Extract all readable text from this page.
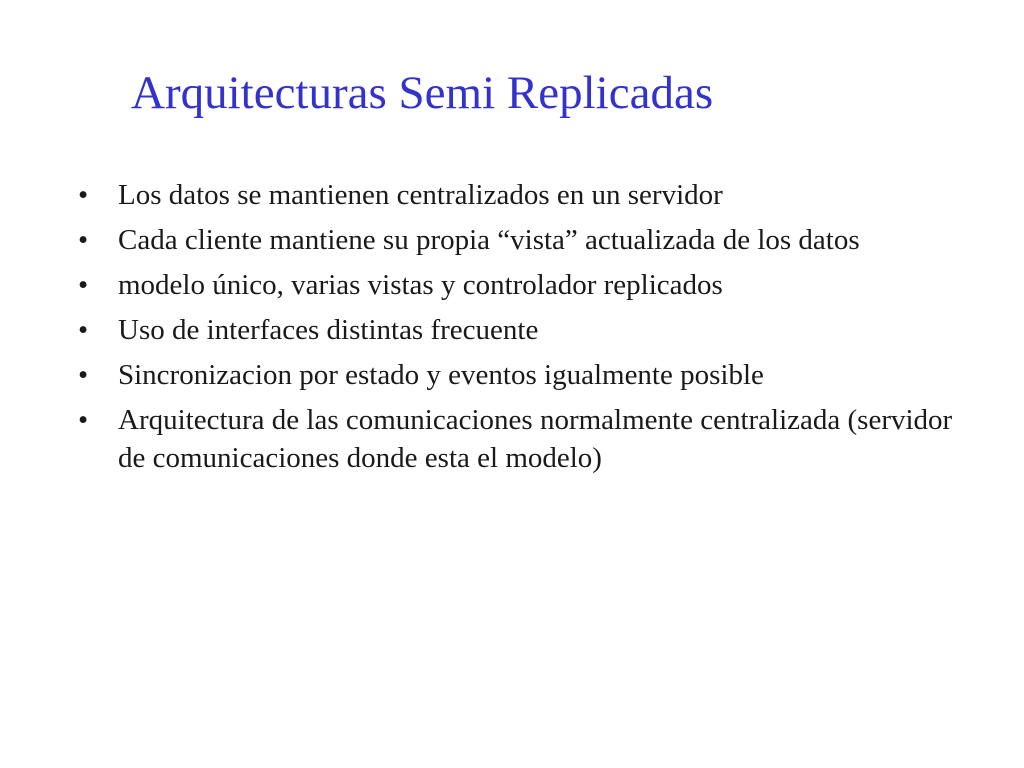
Arquitecturas Semi Replicadas
• Los datos se mantienen centralizados en un servidor
• Cada cliente mantiene su propia “vista” actualizada de los datos
• modelo único, varias vistas y controlador replicados
• Uso de interfaces distintas frecuente
• Sincronizacion por estado y eventos igualmente posible
• Arquitectura de las comunicaciones normalmente centralizada (servidor de comunicaciones donde esta el modelo)
